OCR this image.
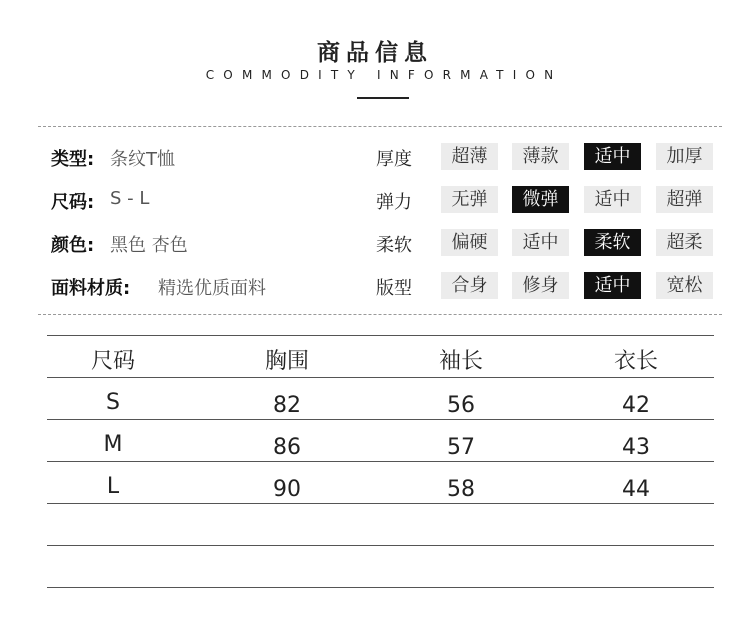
商品信息
COMMODITY INFORMATION
类型: 条纹T恤
尺码: S - L
颜色: 黑色 杏色
面料材质: 精选优质面料
厚度	超薄	薄款	适中	加厚
弹力	无弹	微弹	适中	超弹
柔软	偏硬	适中	柔软	超柔
版型	合身	修身	适中	宽松
尺码	胸围	袖长	衣长
S	82	56	42
M	86	57	43
L	90	58	44
